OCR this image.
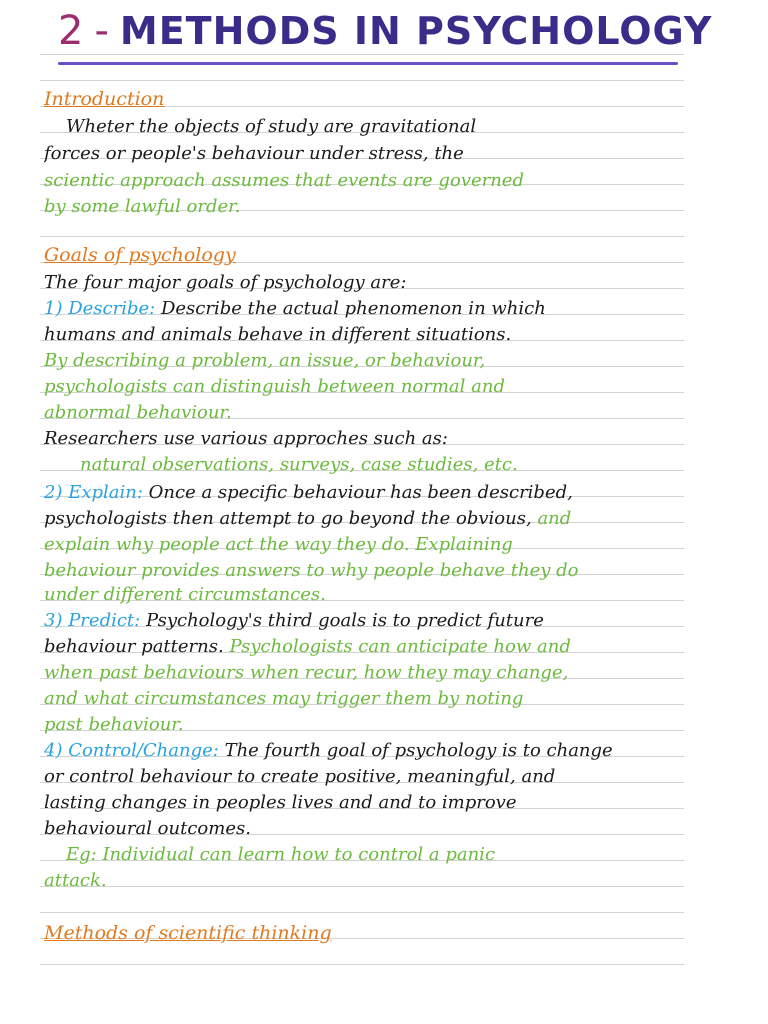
2 - METHODS IN PSYCHOLOGY
Introduction
Wheter the objects of study are gravitational
forces or people's behaviour under stress, the
scientic approach assumes that events are governed
by some lawful order.
Goals of psychology
The four major goals of psychology are:
1) Describe: Describe the actual phenomenon in which
humans and animals behave in different situations.
By describing a problem, an issue, or behaviour,
psychologists can distinguish between normal and
abnormal behaviour.
Researchers use various approches such as:
natural observations, surveys, case studies, etc.
2) Explain: Once a specific behaviour has been described,
psychologists then attempt to go beyond the obvious, and
explain why people act the way they do. Explaining
behaviour provides answers to why people behave they do
under different circumstances.
3) Predict: Psychology's third goals is to predict future
behaviour patterns. Psychologists can anticipate how and
when past behaviours when recur, how they may change,
and what circumstances may trigger them by noting
past behaviour.
4) Control/Change: The fourth goal of psychology is to change
or control behaviour to create positive, meaningful, and
lasting changes in peoples lives and and to improve
behavioural outcomes.
Eg: Individual can learn how to control a panic
attack.
Methods of scientific thinking
